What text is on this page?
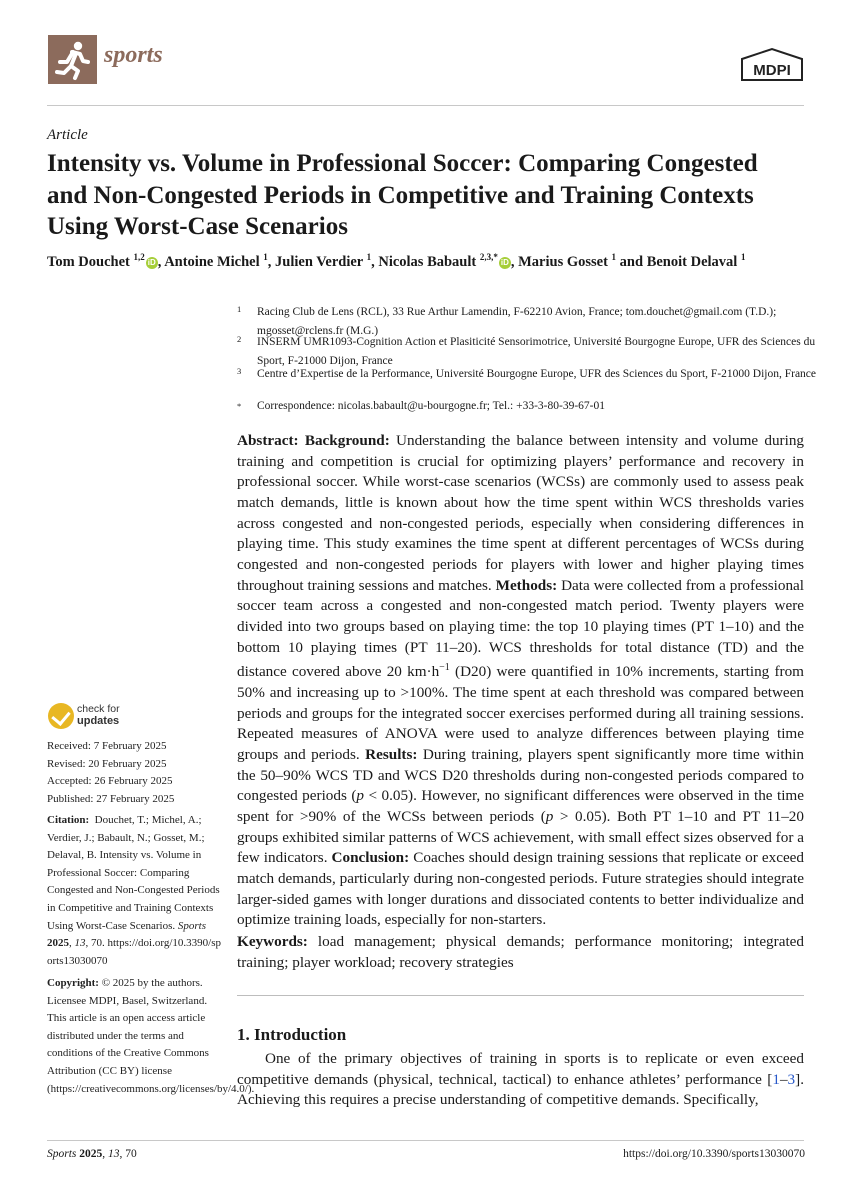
sports
MDPI
Article
Intensity vs. Volume in Professional Soccer: Comparing Congested and Non-Congested Periods in Competitive and Training Contexts Using Worst-Case Scenarios
Tom Douchet $^{1,2}$iD , Antoine Michel $^1$, Julien Verdier $^1$, Nicolas Babault $^{2,3,*}$iD , Marius Gosset $^1$ and Benoit Delaval $^1$
1	Racing Club de Lens (RCL), 33 Rue Arthur Lamendin, F-62210 Avion, France; tom.douchet@gmail.com (T.D.); mgosset@rclens.fr (M.G.)
2	INSERM UMR1093-Cognition Action et Plasiticité Sensorimotrice, Université Bourgogne Europe, UFR des Sciences du Sport, F-21000 Dijon, France
3	Centre d’Expertise de la Performance, Université Bourgogne Europe, UFR des Sciences du Sport, F-21000 Dijon, France
*	Correspondence: nicolas.babault@u-bourgogne.fr; Tel.: +33-3-80-39-67-01

Abstract: Background: Understanding the balance between intensity and volume during training and competition is crucial for optimizing players’ performance and recovery in professional soccer. While worst-case scenarios (WCSs) are commonly used to assess peak match demands, little is known about how the time spent within WCS thresholds varies across congested and non-congested periods, especially when considering differences in playing time. This study examines the time spent at different percentages of WCSs during congested and non-congested periods for players with lower and higher playing times throughout training sessions and matches. Methods: Data were collected from a professional soccer team across a congested and non-congested match period. Twenty players were divided into two groups based on playing time: the top 10 playing times (PT 1–10) and the bottom 10 playing times (PT 11–20). WCS thresholds for total distance (TD) and the distance covered above 20 $km\cdot h^{-1}$ (D20) were quantified in 10% increments, starting from 50% and increasing up to >100%. The time spent at each threshold was compared between periods and groups for the integrated soccer exercises performed during all training sessions. Repeated measures of ANOVA were used to analyze differences between playing time groups and periods. Results: During training, players spent significantly more time within the 50–90% WCS TD and WCS D20 thresholds during non-congested periods compared to congested periods (p < 0.05). However, no significant differences were observed in the time spent for >90% of the WCSs between periods (p > 0.05). Both PT 1–10 and PT 11–20 groups exhibited similar patterns of WCS achievement, with small effect sizes observed for a few indicators. Conclusion: Coaches should design training sessions that replicate or exceed match demands, particularly during non-congested periods. Future strategies should integrate larger-sided games with longer durations and dissociated contents to better individualize and optimize training loads, especially for non-starters.

Keywords: load management; physical demands; performance monitoring; integrated training; player workload; recovery strategies

1. Introduction

One of the primary objectives of training in sports is to replicate or even exceed competitive demands (physical, technical, tactical) to enhance athletes’ performance [1–3]. Achieving this requires a precise understanding of competitive demands. Specifically,

check for
updates
Received: 7 February 2025
Revised: 20 February 2025
Accepted: 26 February 2025
Published: 27 February 2025
Citation: Douchet, T.; Michel, A.; Verdier, J.; Babault, N.; Gosset, M.; Delaval, B. Intensity vs. Volume in Professional Soccer: Comparing Congested and Non-Congested Periods in Competitive and Training Contexts Using Worst-Case Scenarios. Sports 2025, 13, 70. https://doi.org/10.3390/sports13030070
Copyright: © 2025 by the authors. Licensee MDPI, Basel, Switzerland. This article is an open access article distributed under the terms and conditions of the Creative Commons Attribution (CC BY) license (https://creativecommons.org/licenses/by/4.0/).
Sports 2025, 13, 70	https://doi.org/10.3390/sports13030070
